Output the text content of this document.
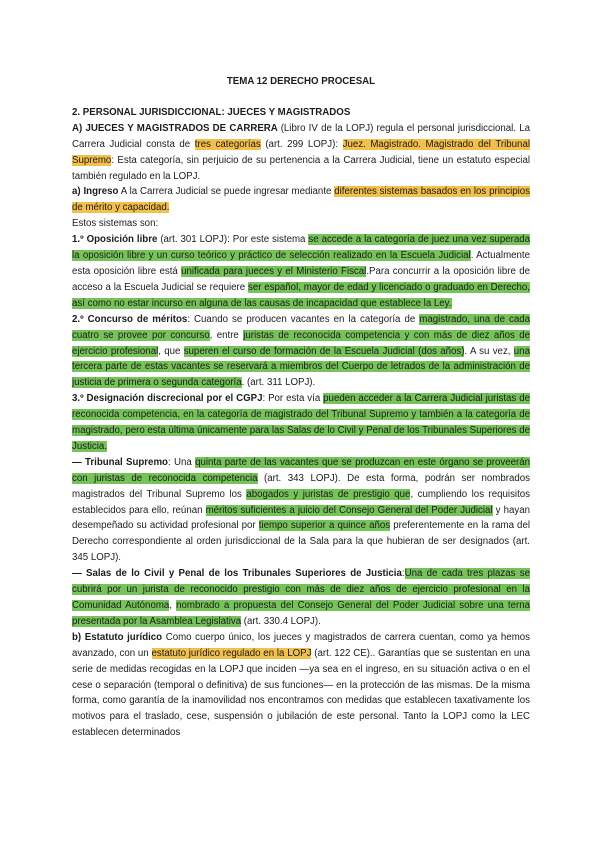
TEMA 12 DERECHO PROCESAL

2. PERSONAL JURISDICCIONAL: JUECES Y MAGISTRADOS

A) JUECES Y MAGISTRADOS DE CARRERA (Libro IV de la LOPJ) regula el personal jurisdiccional. La Carrera Judicial consta de tres categorías (art. 299 LOPJ): Juez. Magistrado. Magistrado del Tribunal Supremo: Esta categoría, sin perjuicio de su pertenencia a la Carrera Judicial, tiene un estatuto especial también regulado en la LOPJ.

a) Ingreso A la Carrera Judicial se puede ingresar mediante diferentes sistemas basados en los principios de mérito y capacidad.

Estos sistemas son:

1.º Oposición libre (art. 301 LOPJ): Por este sistema se accede a la categoría de juez una vez superada la oposición libre y un curso teórico y práctico de selección realizado en la Escuela Judicial. Actualmente esta oposición libre está unificada para jueces y el Ministerio Fiscal.Para concurrir a la oposición libre de acceso a la Escuela Judicial se requiere ser español, mayor de edad y licenciado o graduado en Derecho, así como no estar incurso en alguna de las causas de incapacidad que establece la Ley.

2.º Concurso de méritos: Cuando se producen vacantes en la categoría de magistrado, una de cada cuatro se provee por concurso, entre juristas de reconocida competencia y con más de diez años de ejercicio profesional, que superen el curso de formación de la Escuela Judicial (dos años). A su vez, una tercera parte de estas vacantes se reservará a miembros del Cuerpo de letrados de la administración de justicia de primera o segunda categoría. (art. 311 LOPJ).

3.º Designación discrecional por el CGPJ: Por esta vía pueden acceder a la Carrera Judicial juristas de reconocida competencia, en la categoría de magistrado del Tribunal Supremo y también a la categoría de magistrado, pero esta última únicamente para las Salas de lo Civil y Penal de los Tribunales Superiores de Justicia.

— Tribunal Supremo: Una quinta parte de las vacantes que se produzcan en este órgano se proveerán con juristas de reconocida competencia (art. 343 LOPJ). De esta forma, podrán ser nombrados magistrados del Tribunal Supremo los abogados y juristas de prestigio que, cumpliendo los requisitos establecidos para ello, reúnan méritos suficientes a juicio del Consejo General del Poder Judicial y hayan desempeñado su actividad profesional por tiempo superior a quince años preferentemente en la rama del Derecho correspondiente al orden jurisdiccional de la Sala para la que hubieran de ser designados (art. 345 LOPJ).

— Salas de lo Civil y Penal de los Tribunales Superiores de Justicia:Una de cada tres plazas se cubrirá por un jurista de reconocido prestigio con más de diez años de ejercicio profesional en la Comunidad Autónoma, nombrado a propuesta del Consejo General del Poder Judicial sobre una terna presentada por la Asamblea Legislativa (art. 330.4 LOPJ).

b) Estatuto jurídico Como cuerpo único, los jueces y magistrados de carrera cuentan, como ya hemos avanzado, con un estatuto jurídico regulado en la LOPJ (art. 122 CE).. Garantías que se sustentan en una serie de medidas recogidas en la LOPJ que inciden —ya sea en el ingreso, en su situación activa o en el cese o separación (temporal o definitiva) de sus funciones— en la protección de las mismas. De la misma forma, como garantía de la inamovilidad nos encontramos con medidas que establecen taxativamente los motivos para el traslado, cese, suspensión o jubilación de este personal. Tanto la LOPJ como la LEC establecen determinados
